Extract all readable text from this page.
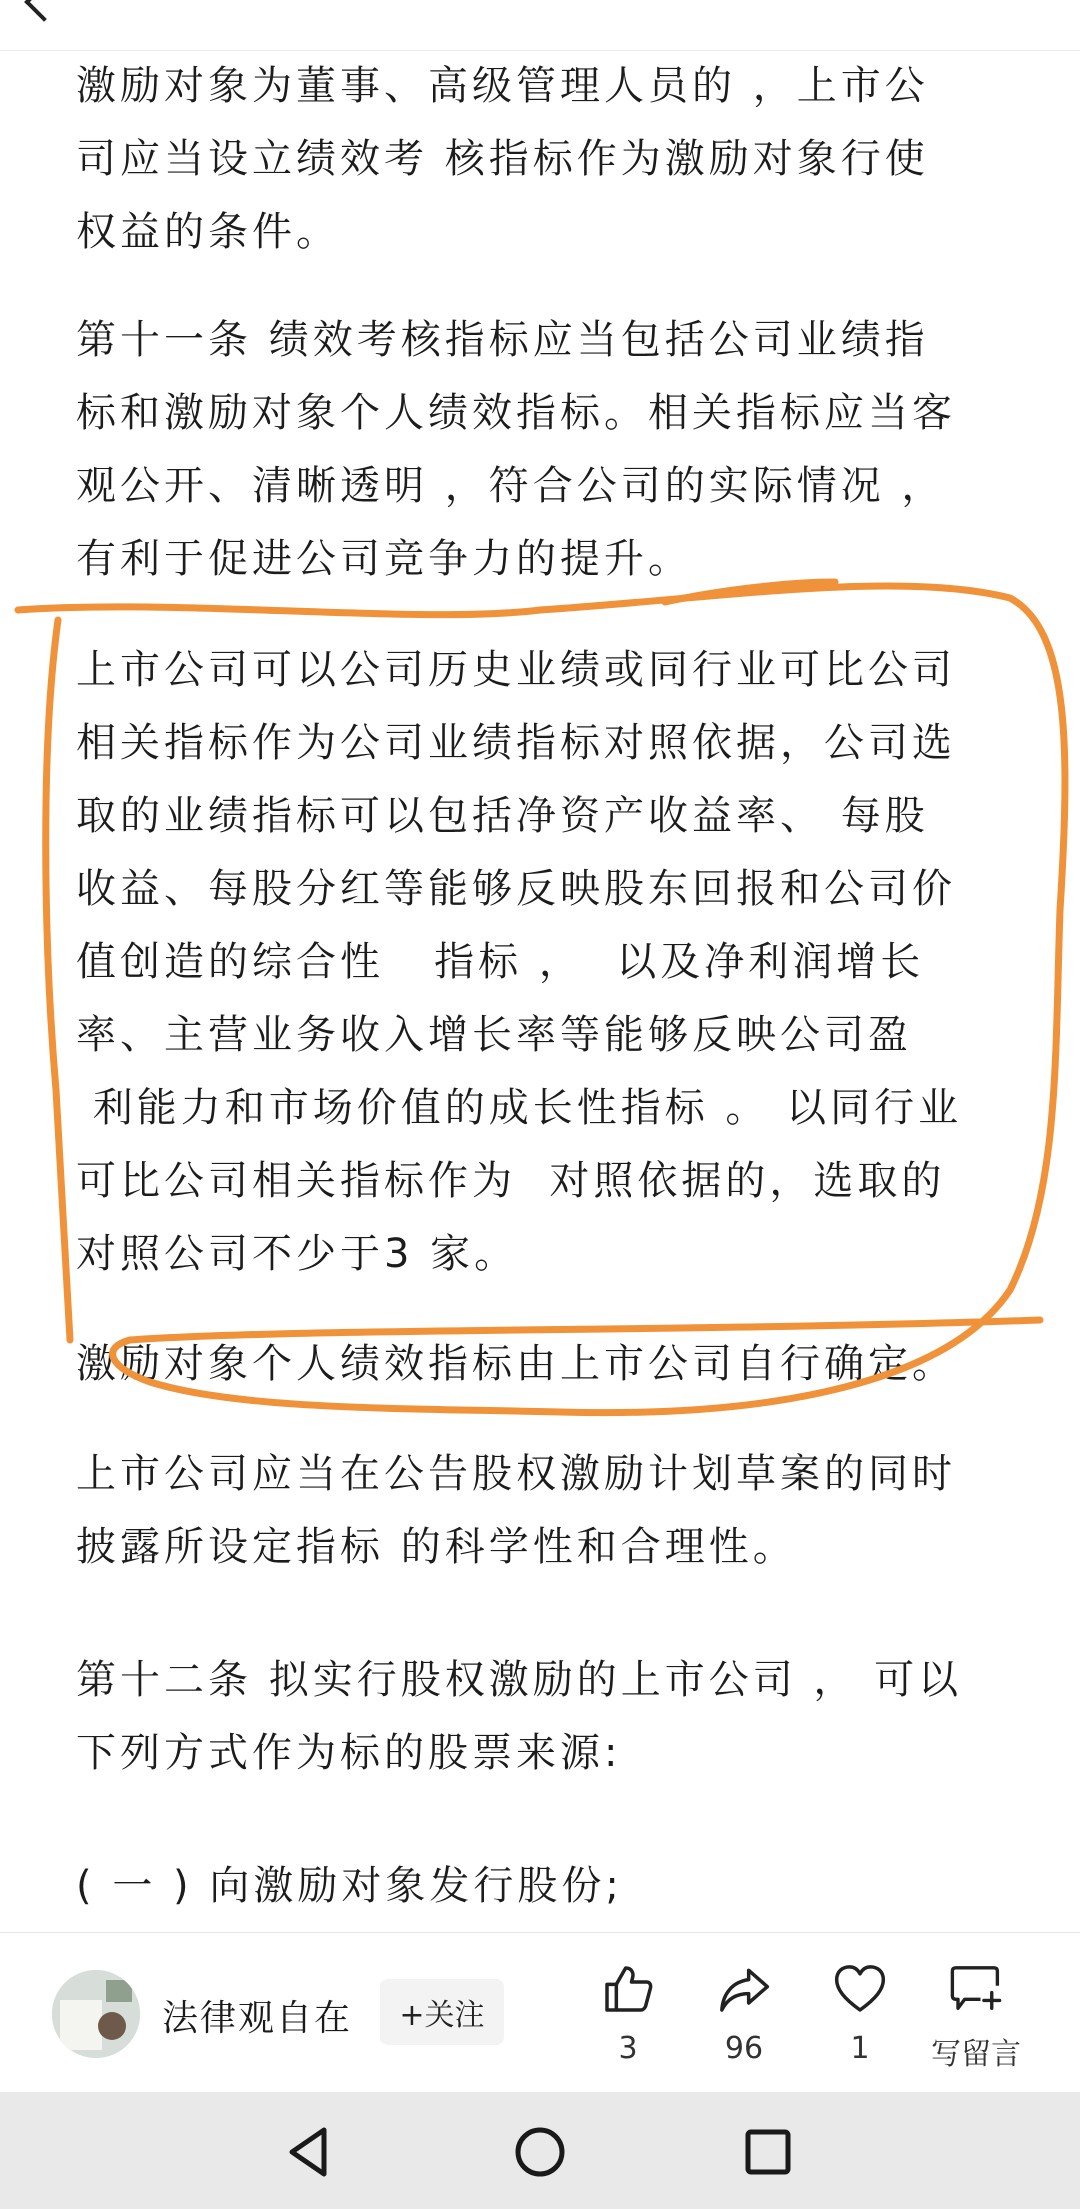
激励对象为董事、高级管理人员的 ，上市公
司应当设立绩效考 核指标作为激励对象行使
权益的条件。

第十一条 绩效考核指标应当包括公司业绩指
标和激励对象个人绩效指标。相关指标应当客
观公开、清晰透明 ，符合公司的实际情况 ，
有利于促进公司竞争力的提升。

上市公司可以公司历史业绩或同行业可比公司
相关指标作为公司业绩指标对照依据，公司选
取的业绩指标可以包括净资产收益率、 每股
收益、每股分红等能够反映股东回报和公司价
值创造的综合性   指标 ，  以及净利润增长
率、主营业务收入增长率等能够反映公司盈
利能力和市场价值的成长性指标 。 以同行业
可比公司相关指标作为  对照依据的，选取的
对照公司不少于3 家。

激励对象个人绩效指标由上市公司自行确定。

上市公司应当在公告股权激励计划草案的同时
披露所设定指标 的科学性和合理性。

第十二条 拟实行股权激励的上市公司 ， 可以
下列方式作为标的股票来源:

( 一 ) 向激励对象发行股份;

法律观自在	+关注
3	96	1 写留言
